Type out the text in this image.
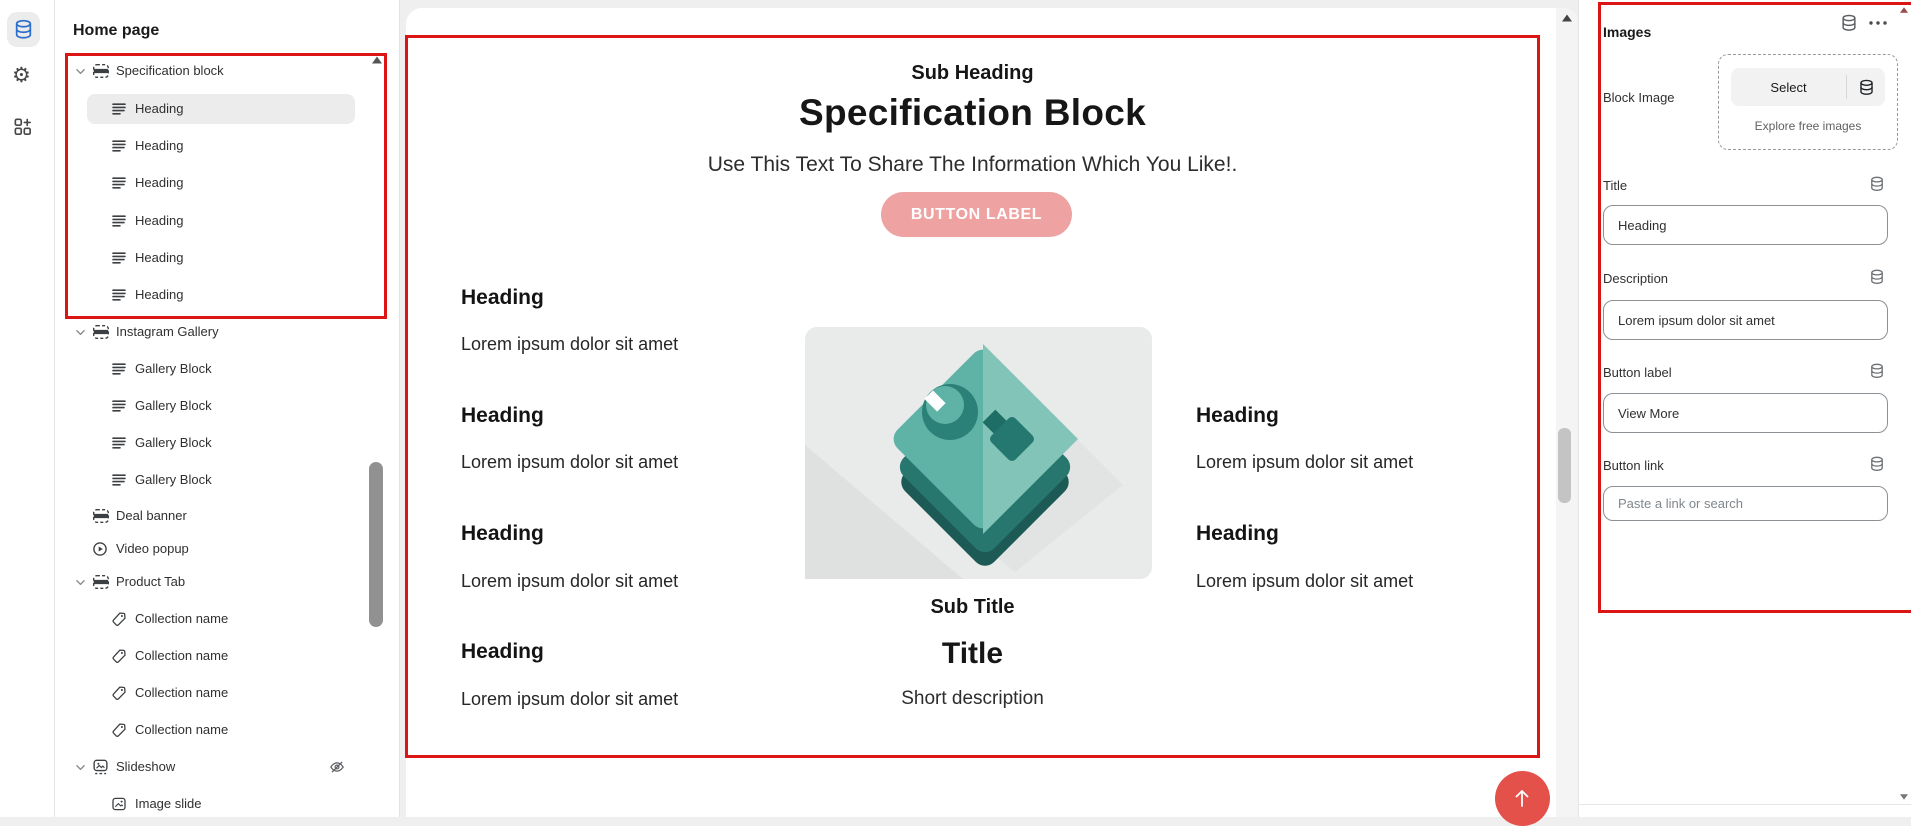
⚙
Home page
Specification block
Heading
Heading
Heading
Heading
Heading
Heading
Instagram Gallery
Gallery Block
Gallery Block
Gallery Block
Gallery Block
Deal banner
Video popup
Product Tab
Collection name
Collection name
Collection name
Collection name
Slideshow
Image slide
Sub Heading
Specification Block
Use This Text To Share The Information Which You Like!.
BUTTON LABEL
Heading
Lorem ipsum dolor sit amet
Heading
Lorem ipsum dolor sit amet
Heading
Lorem ipsum dolor sit amet
Heading
Lorem ipsum dolor sit amet
Heading
Lorem ipsum dolor sit amet
Heading
Lorem ipsum dolor sit amet
Sub Title
Title
Short description
Images
Block Image
Select
Explore free images
Title
Heading
Description
Lorem ipsum dolor sit amet
Button label
View More
Button link
Paste a link or search
